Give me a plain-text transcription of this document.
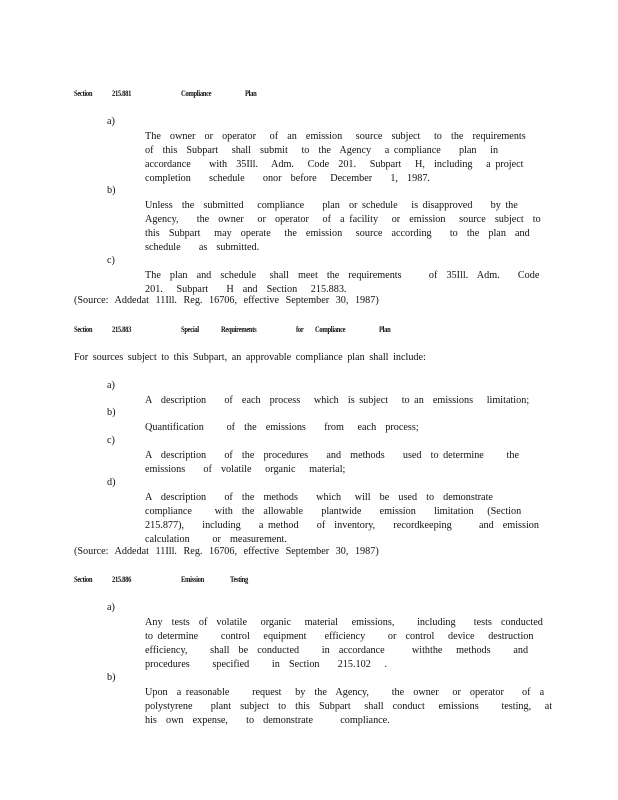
Section 215.881	Compliance	Plan
a)

The  owner  or  operator   of  an  emission   source  subject   to  the  requirements
of  this  Subpart   shall  submit   to  the  Agency   a compliance    plan   in
accordance    with  35Ill.   Adm.   Code  201.   Subpart   H,  including   a project
completion    schedule    onor  before   December    1,  1987.

b)

Unless  the  submitted   compliance    plan  or schedule   is disapproved    by the
Agency,    the  owner   or  operator   of  a facility   or  emission   source  subject  to
this  Subpart   may  operate   the  emission   source  according    to  the  plan  and
schedule    as  submitted.

c)

The  plan  and  schedule   shall  meet  the  requirements      of  35Ill.  Adm.    Code
201.   Subpart    H  and  Section   215.883.

(Source: Addedat 11Ill. Reg. 16706, effective September 30, 1987)
Section 215.883	Special	Requirements	for Compliance	Plan
For sources subject to this Subpart, an approvable compliance plan shall include:
a)

A  description    of  each  process   which  is subject   to an  emissions   limitation;

b)

Quantification     of  the  emissions    from   each  process;

c)

A  description    of  the  procedures    and  methods    used  to determine     the
emissions    of  volatile   organic   material;

d)

A  description    of  the  methods    which   will  be  used  to  demonstrate
compliance     with  the  allowable    plantwide    emission    limitation   (Section
215.877),    including    a method    of  inventory,    recordkeeping      and  emission
calculation     or  measurement.

(Source: Addedat 11Ill. Reg. 16706, effective September 30, 1987)
Section 215.886	Emission	Testing
a)

Any  tests  of  volatile   organic   material   emissions,     including    tests  conducted
to determine     control   equipment    efficiency     or  control   device   destruction
efficiency,     shall  be  conducted     in  accordance      withthe   methods     and
procedures     specified     in  Section    215.102   .

b)

Upon  a reasonable     request   by  the  Agency,     the  owner   or  operator    of  a
polystyrene    plant  subject  to  this  Subpart   shall  conduct   emissions     testing,   at
his  own  expense,    to  demonstrate      compliance.
